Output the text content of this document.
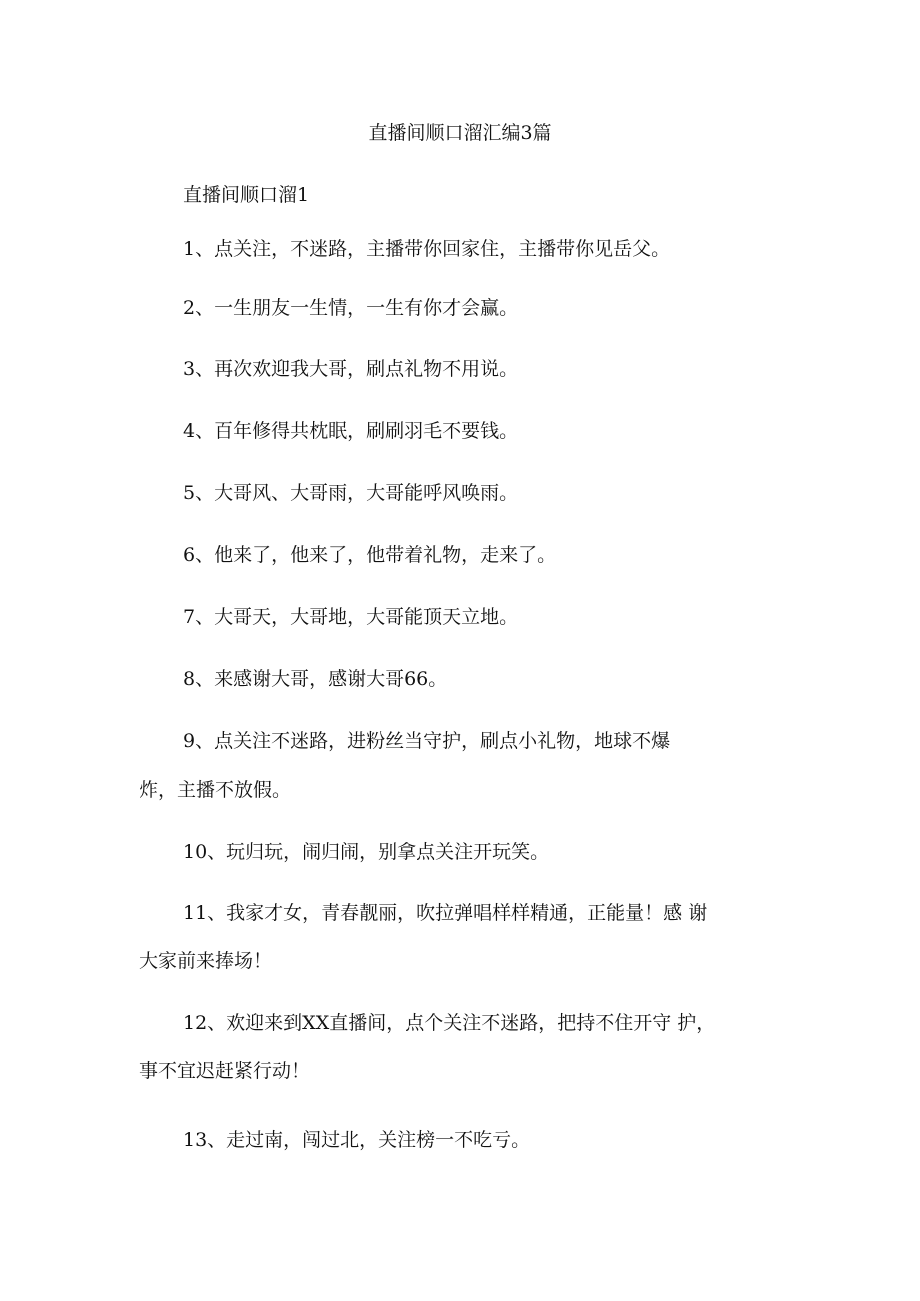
直播间顺口溜汇编3篇
直播间顺口溜1
1、点关注，不迷路，主播带你回家住，主播带你见岳父。
2、一生朋友一生情，一生有你才会赢。
3、再次欢迎我大哥，刷点礼物不用说。
4、百年修得共枕眠，刷刷羽毛不要钱。
5、大哥风、大哥雨，大哥能呼风唤雨。
6、他来了，他来了，他带着礼物，走来了。
7、大哥天，大哥地，大哥能顶天立地。
8、来感谢大哥，感谢大哥66。
9、点关注不迷路，进粉丝当守护，刷点小礼物，地球不爆
炸，主播不放假。
10、玩归玩，闹归闹，别拿点关注开玩笑。
11、我家才女，青春靓丽，吹拉弹唱样样精通，正能量！感 谢
大家前来捧场！
12、欢迎来到XX直播间，点个关注不迷路，把持不住开守 护，
事不宜迟赶紧行动！
13、走过南，闯过北，关注榜一不吃亏。
